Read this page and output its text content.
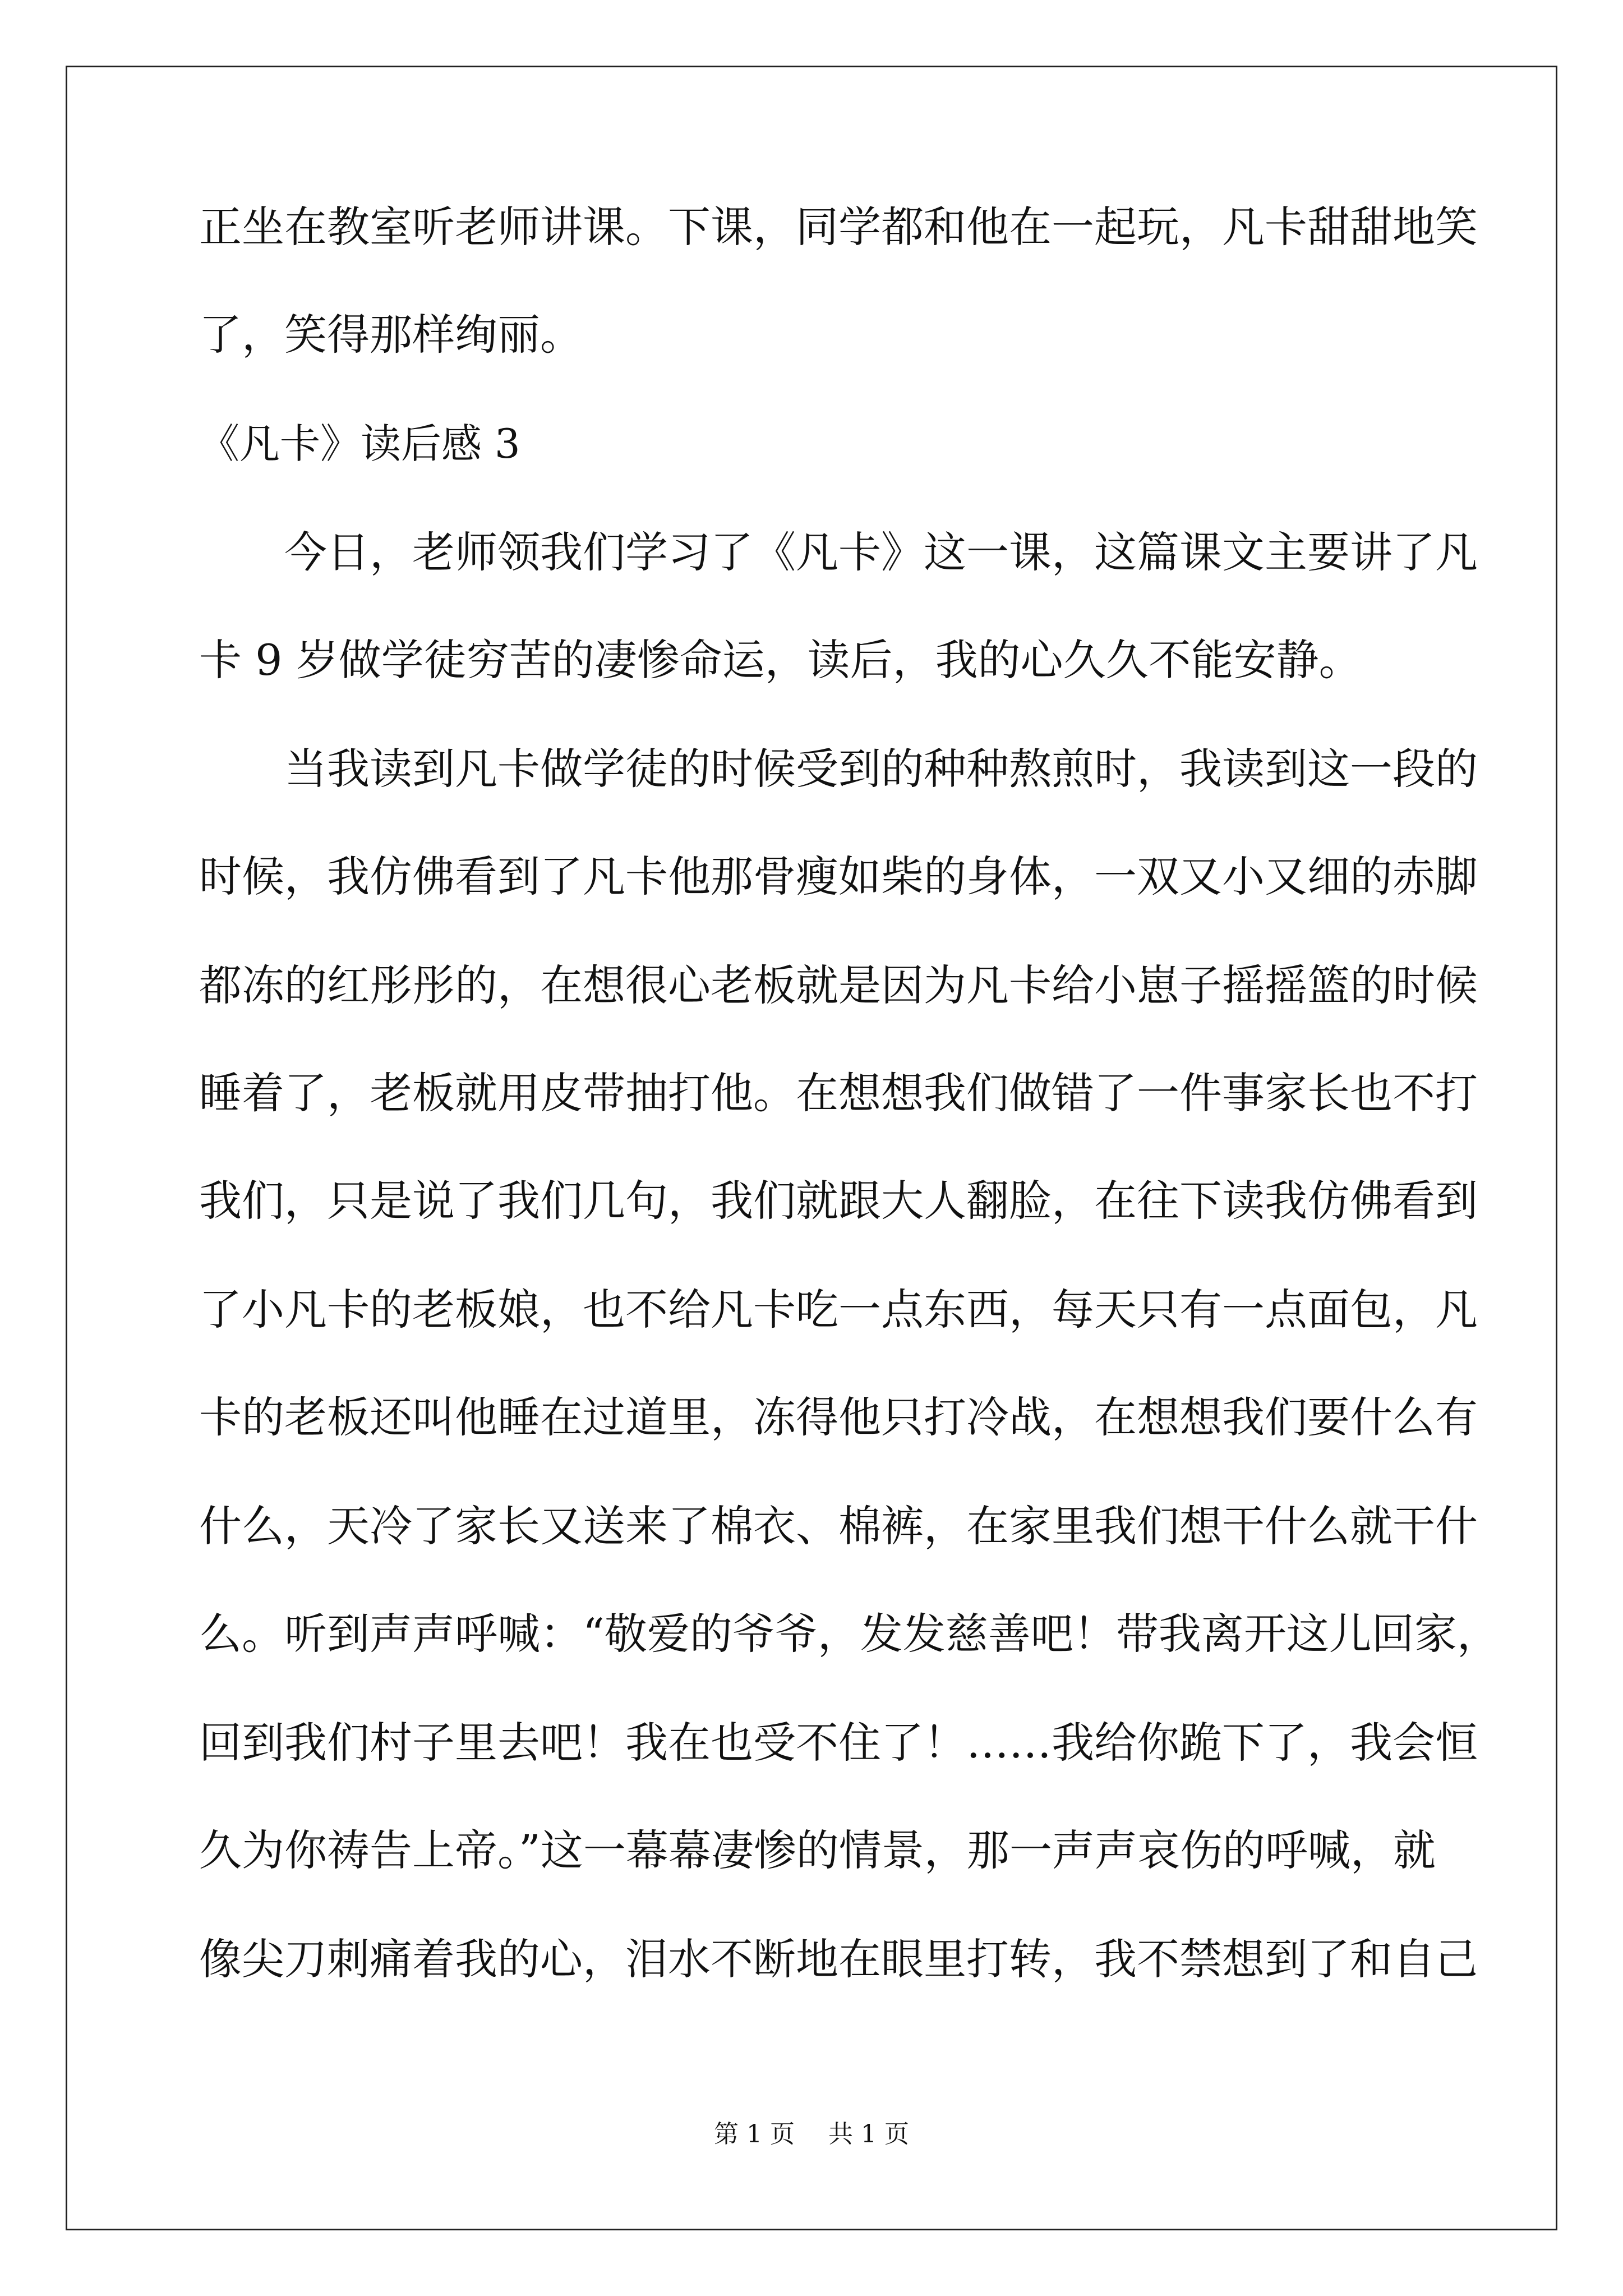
正坐在教室听老师讲课。下课，同学都和他在一起玩，凡卡甜甜地笑
了，笑得那样绚丽。
《凡卡》读后感 3
今日，老师领我们学习了《凡卡》这一课，这篇课文主要讲了凡
卡 9 岁做学徒穷苦的凄惨命运，读后，我的心久久不能安静。
当我读到凡卡做学徒的时候受到的种种熬煎时，我读到这一段的
时候，我仿佛看到了凡卡他那骨瘦如柴的身体，一双又小又细的赤脚
都冻的红彤彤的，在想很心老板就是因为凡卡给小崽子摇摇篮的时候
睡着了，老板就用皮带抽打他。在想想我们做错了一件事家长也不打
我们，只是说了我们几句，我们就跟大人翻脸，在往下读我仿佛看到
了小凡卡的老板娘，也不给凡卡吃一点东西，每天只有一点面包，凡
卡的老板还叫他睡在过道里，冻得他只打冷战，在想想我们要什么有
什么，天冷了家长又送来了棉衣、棉裤，在家里我们想干什么就干什
么。听到声声呼喊：“敬爱的爷爷，发发慈善吧！带我离开这儿回家，
回到我们村子里去吧！我在也受不住了！……我给你跪下了，我会恒
久为你祷告上帝。”这一幕幕凄惨的情景，那一声声哀伤的呼喊，就
像尖刀刺痛着我的心，泪水不断地在眼里打转，我不禁想到了和自己
第 1 页 共 1 页
